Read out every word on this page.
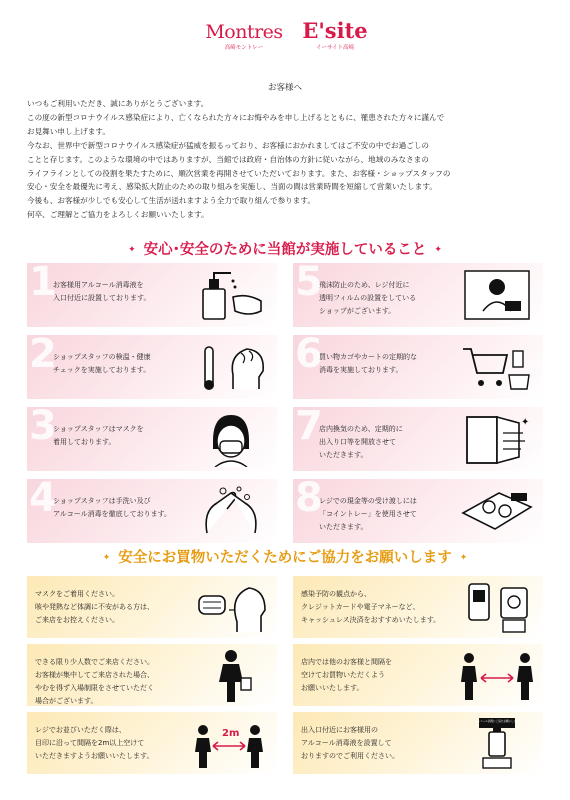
Montres
高崎モントレー
E'site
イーサイト高崎
お客様へ

いつもご利用いただき、誠にありがとうございます。

この度の新型コロナウイルス感染症により、亡くなられた方々にお悔やみを申し上げるとともに、罹患された方々に謹んで

お見舞い申し上げます。

今なお、世界中で新型コロナウイルス感染症が猛威を振るっており、お客様におかれましてはご不安の中でお過ごしの

ことと存じます。このような環境の中ではありますが、当館では政府・自治体の方針に従いながら、地域のみなさまの

ライフラインとしての役割を果たすために、順次営業を再開させていただいております。また、お客様・ショップスタッフの

安心・安全を最優先に考え、感染拡大防止のための取り組みを実施し、当面の間は営業時間を短縮して営業いたします。

今後も、お客様が少しでも安心して生活が送れますよう全力で取り組んで参ります。

何卒、ご理解とご協力をよろしくお願いいたします。

✦ 安心･安全のために当館が実施していること ✦
1
お客様用アルコール消毒液を
入口付近に設置しております。	5
飛沫防止のため、レジ付近に
透明フィルムの設置をしている
ショップがございます。
2
ショップスタッフの検温・健康
チェックを実施しております。	6
買い物カゴやカートの定期的な
消毒を実施しております。
3
ショップスタッフはマスクを
着用しております。	7
店内換気のため、定期的に
出入り口等を開放させて
いただきます。
✦
4
ショップスタッフは手洗い及び
アルコール消毒を徹底しております。	8
レジでの現金等の受け渡しには
「コイントレー」を使用させて
いただきます。
✦ 安全にお買物いただくためにご協力をお願いします ✦
マスクをご着用ください。
咳や発熱など体調に不安がある方は、
ご来店をお控えください。
感染予防の観点から、
クレジットカードや電子マネーなど、
キャッシュレス決済をおすすめいたします。
できる限り少人数でご来店ください。
お客様が集中してご来店された場合、
やむを得ず入場制限をさせていただく
場合がございます。
店内では他のお客様と間隔を
空けてお買物いただくよう
お願いいたします。
レジでお並びいただく際は、
目印に沿って間隔を2m以上空けて
いただきますようお願いいたします。
2m	出入口付近にお客様用の
アルコール消毒液を設置して
おりますのでご利用ください。
アルコール消毒にご協力お願いします
